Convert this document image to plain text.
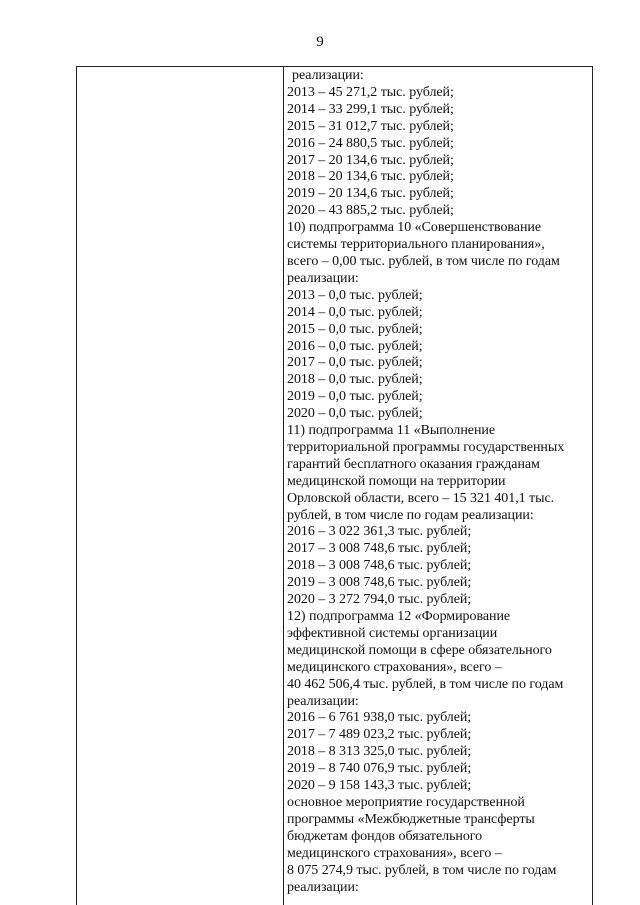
9
реализации:
2013 – 45 271,2 тыс. рублей;
2014 – 33 299,1 тыс. рублей;
2015 – 31 012,7 тыс. рублей;
2016 – 24 880,5 тыс. рублей;
2017 – 20 134,6 тыс. рублей;
2018 – 20 134,6 тыс. рублей;
2019 – 20 134,6 тыс. рублей;
2020 – 43 885,2 тыс. рублей;
10) подпрограмма 10 «Совершенствование
системы территориального планирования»,
всего – 0,00 тыс. рублей, в том числе по годам
реализации:
2013 – 0,0 тыс. рублей;
2014 – 0,0 тыс. рублей;
2015 – 0,0 тыс. рублей;
2016 – 0,0 тыс. рублей;
2017 – 0,0 тыс. рублей;
2018 – 0,0 тыс. рублей;
2019 – 0,0 тыс. рублей;
2020 – 0,0 тыс. рублей;
11) подпрограмма 11 «Выполнение
территориальной программы государственных
гарантий бесплатного оказания гражданам
медицинской помощи на территории
Орловской области, всего – 15 321 401,1 тыс.
рублей, в том числе по годам реализации:
2016 – 3 022 361,3 тыс. рублей;
2017 – 3 008 748,6 тыс. рублей;
2018 – 3 008 748,6 тыс. рублей;
2019 – 3 008 748,6 тыс. рублей;
2020 – 3 272 794,0 тыс. рублей;
12) подпрограмма 12 «Формирование
эффективной системы организации
медицинской помощи в сфере обязательного
медицинского страхования», всего –
40 462 506,4 тыс. рублей, в том числе по годам
реализации:
2016 – 6 761 938,0 тыс. рублей;
2017 – 7 489 023,2 тыс. рублей;
2018 – 8 313 325,0 тыс. рублей;
2019 – 8 740 076,9 тыс. рублей;
2020 – 9 158 143,3 тыс. рублей;
основное мероприятие государственной
программы «Межбюджетные трансферты
бюджетам фондов обязательного
медицинского страхования», всего –
8 075 274,9 тыс. рублей, в том числе по годам
реализации:
